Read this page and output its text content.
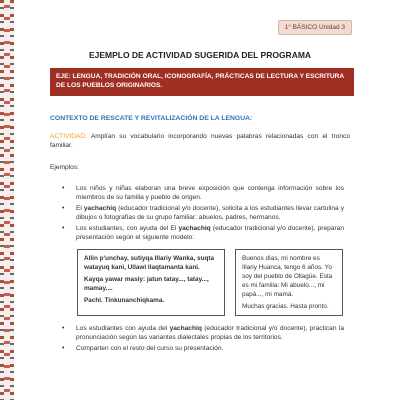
1° BÁSICO Unidad 3
EJEMPLO DE ACTIVIDAD SUGERIDA DEL PROGRAMA
EJE: LENGUA, TRADICIÓN ORAL, ICONOGRAFÍA, PRÁCTICAS DE LECTURA Y ESCRITURA DE LOS PUEBLOS ORIGINARIOS.
CONTEXTO DE RESCATE Y REVITALIZACIÓN DE LA LENGUA:
ACTIVIDAD: Amplían su vocabulario incorporando nuevas palabras relacionadas con el tronco familiar.
Ejemplos:
• Los niños y niñas elaboran una breve exposición que contenga información sobre los miembros de su familia y pueblo de origen.
• El yachachiq (educador tradicional y/o docente), solicita a los estudiantes llevar cartulina y dibujos o fotografías de su grupo familiar: abuelos, padres, hermanos.
• Los estudiantes, con ayuda del El yachachiq (educador tradicional y/o docente), preparan presentación según el siguiente modelo:

Allin p'unchay, sutiyqa Illariy Wanka, suqta watayuq kani, Ullawi llaqtamanta kani.

Kayqa yawar masiy: jatun tatay..., tatay..., mamay....

Pachi. Tinkunanchiqkama.

Buenos días, mi nombre es Illariy Huanca, tengo 6 años. Yo soy del pueblo de Ollagüe. Esta es mi familia: Mi abuelo..., mi papá..., mi mamá.

Muchas gracias. Hasta pronto.

• Los estudiantes con ayuda del yachachiq (educador tradicional y/o docente), practican la pronunciación según las variantes dialectales propias de los territorios.
• Comparten con el resto del curso su presentación.
